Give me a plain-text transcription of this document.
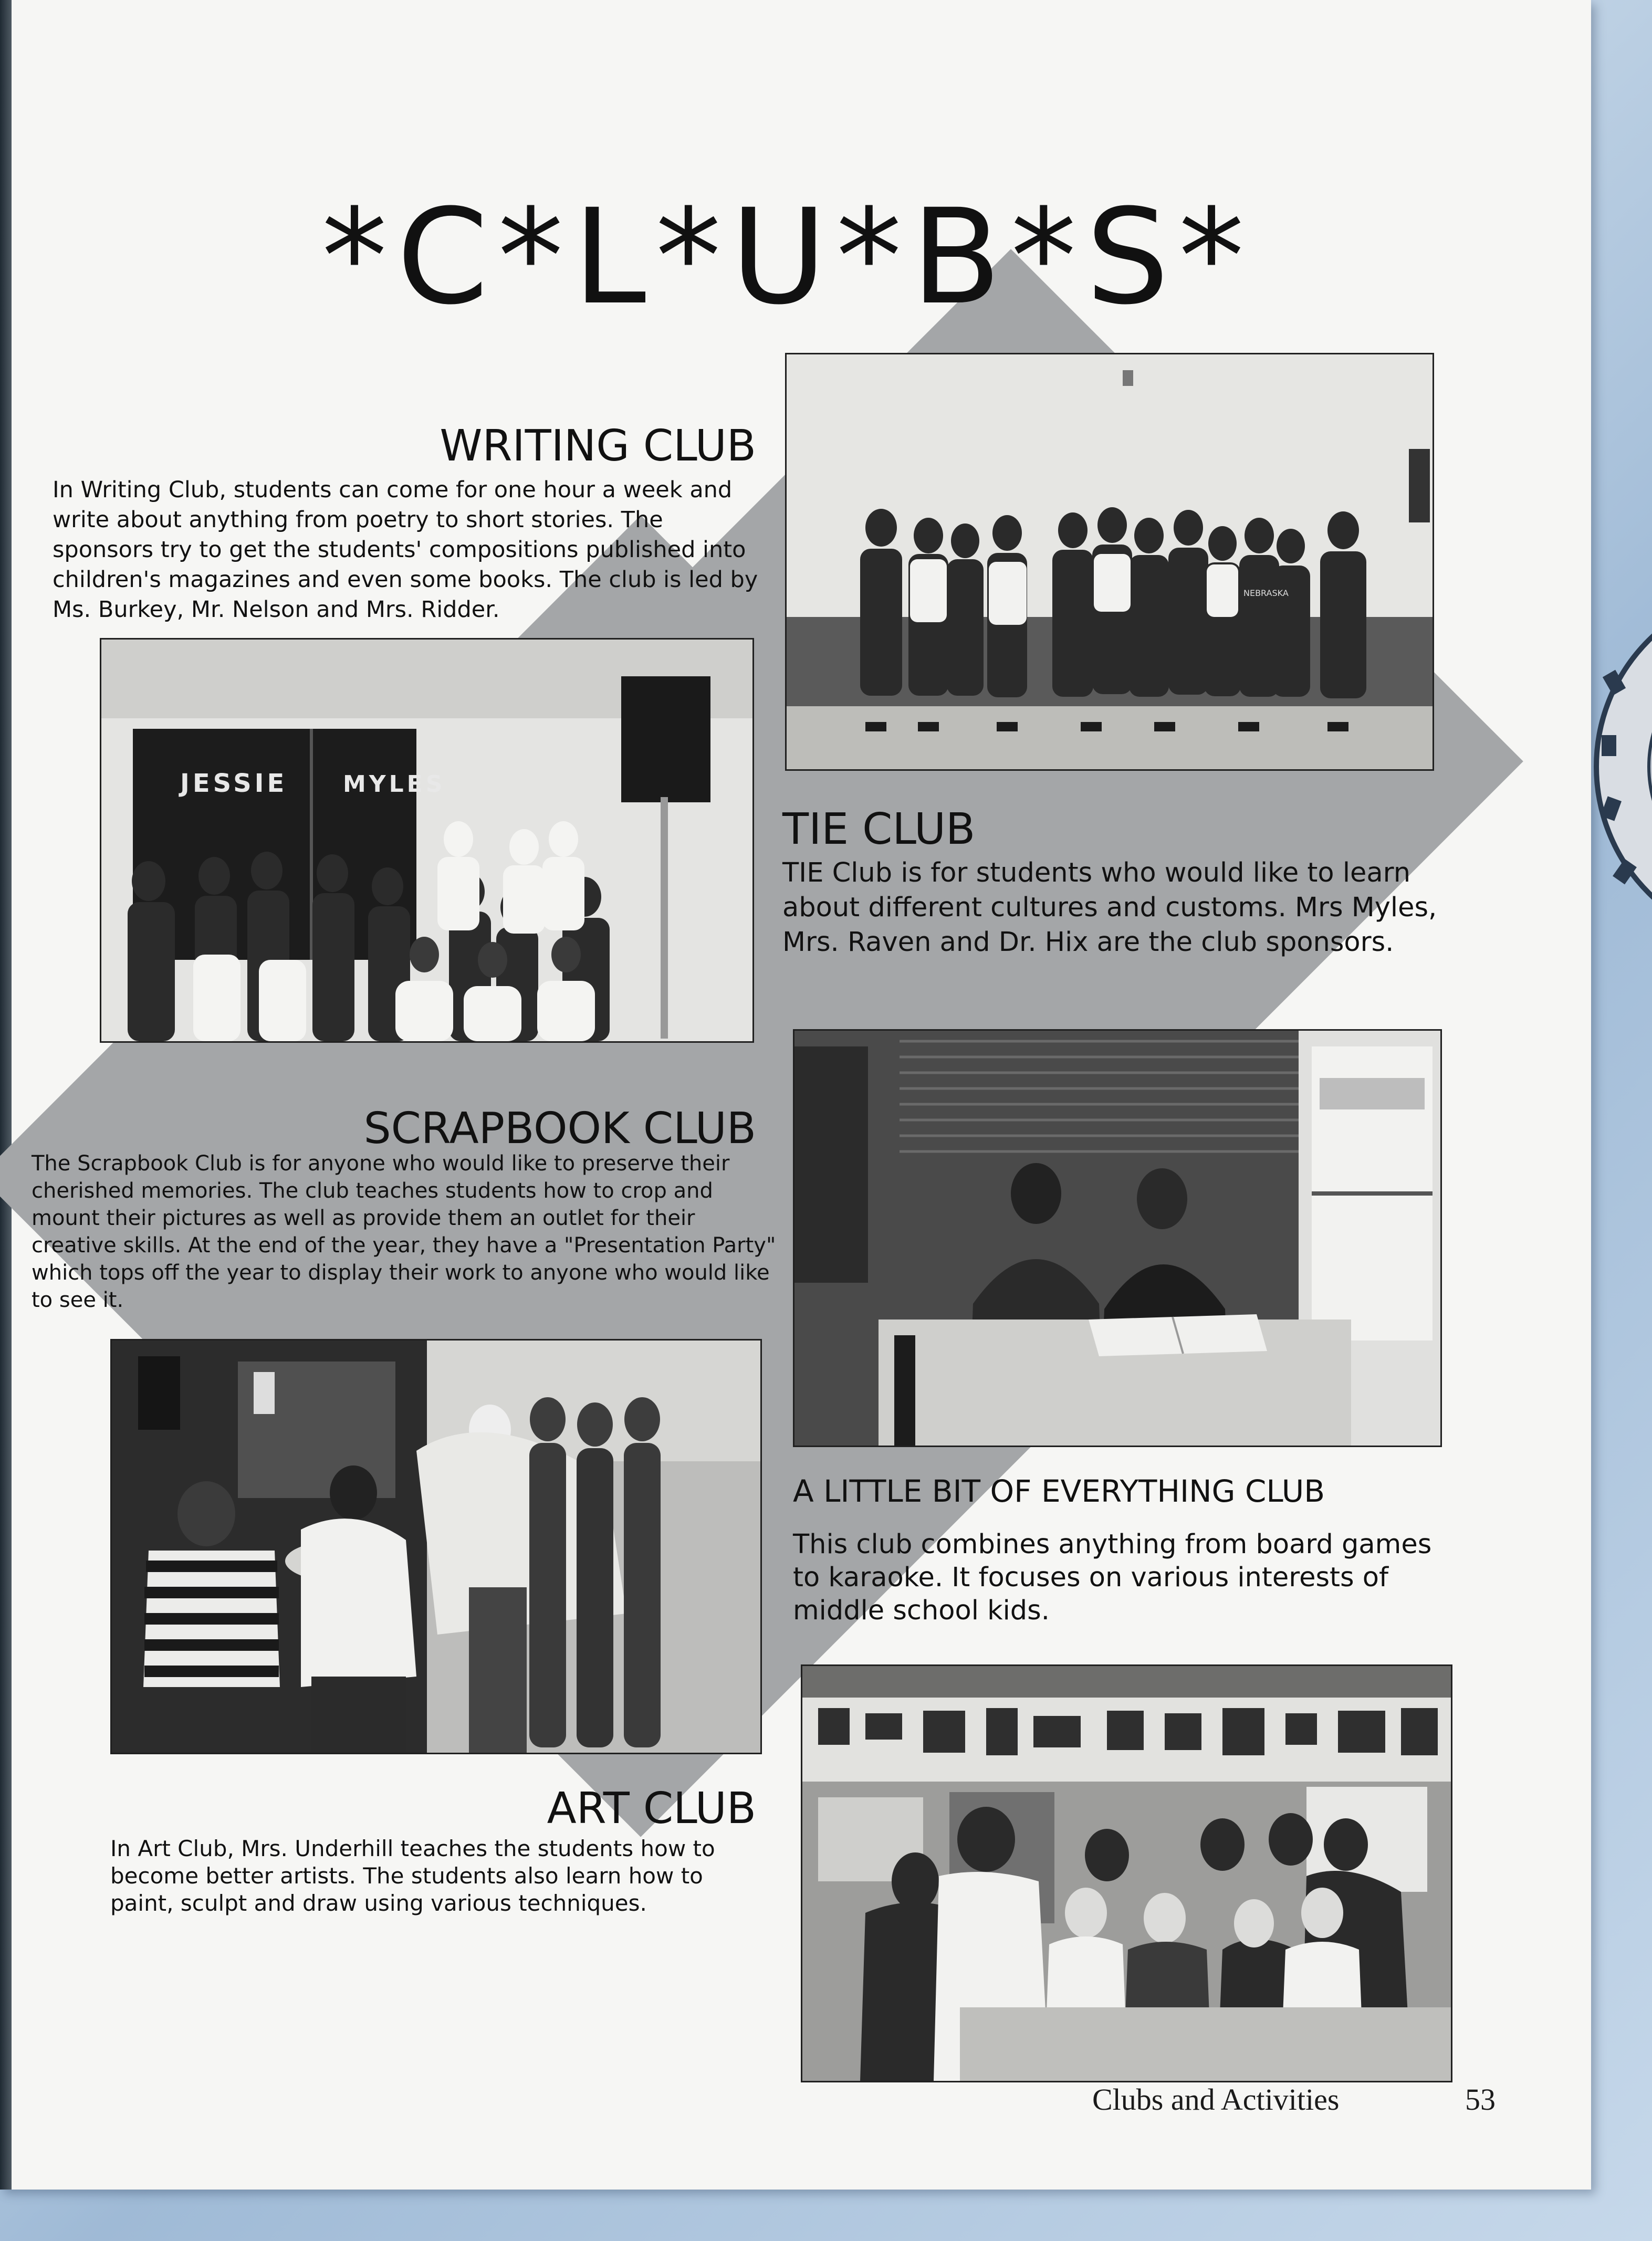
*C*L*U*B*S*
WRITING CLUB

In Writing Club, students can come for one hour a week and write about anything from poetry to short stories. The sponsors try to get the students' compositions published into children's magazines and even some books. The club is led by Ms. Burkey, Mr. Nelson and Mrs. Ridder.

NEBRASKA
JESSIE MYLES
TIE CLUB

TIE Club is for students who would like to learn about different cultures and customs. Mrs Myles, Mrs. Raven and Dr. Hix are the club sponsors.

SCRAPBOOK CLUB

The Scrapbook Club is for anyone who would like to preserve their cherished memories. The club teaches students how to crop and mount their pictures as well as provide them an outlet for their creative skills. At the end of the year, they have a "Presentation Party" which tops off the year to display their work to anyone who would like to see it.

A LITTLE BIT OF EVERYTHING CLUB

This club combines anything from board games to karaoke. It focuses on various interests of middle school kids.

ART CLUB

In Art Club, Mrs. Underhill teaches the students how to become better artists. The students also learn how to paint, sculpt and draw using various techniques.

Clubs and Activities	53
